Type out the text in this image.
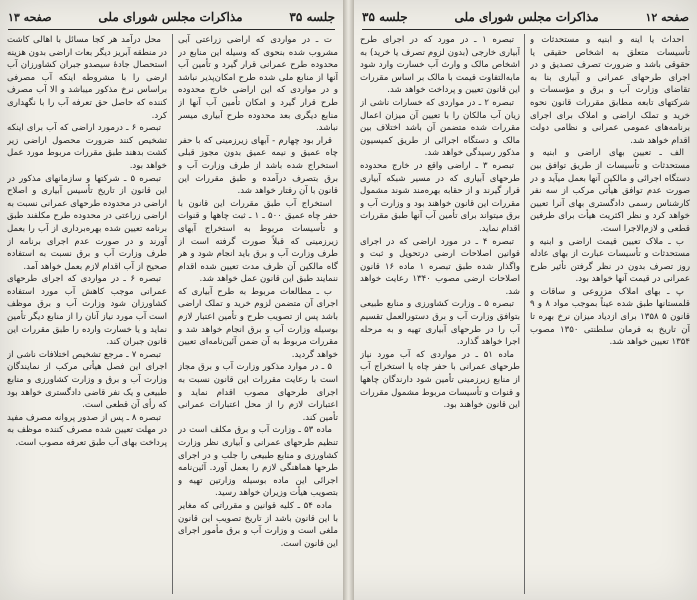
جلسه ۳۵
مذاکرات مجلس شورای ملی
صفحه ۱۳

ت ـ در مواردی که اراضی زراعتی آبی مشروب شده بنحوی که وسیله این منابع در محدوده طرح عمرانی قرار گیرد و تأمین آب آنها از منابع ملی شده طرح امکان‌پذیر نباشد و در مواردی که این اراضی خارج محدوده طرح قرار گیرد و امکان تأمین آب آنها از منابع دیگری بعد محدوده طرح آبیاری میسر نباشد.

قرار بود چهارم - آبهای زیرزمینی که با حفر چاه عمیق و نیمه عمیق بدون مجوز قبلی استخراج شده باشد از طرف وزارت آب و برق بتصرف درآمده و طبق مقررات این قانون با آن رفتار خواهد شد.

استخراج آب طبق مقررات این قانون با حفر چاه عمیق ۵۰۰ ـ ۱ ـ ثبت چاهها و قنوات و تأسیسات مربوط به استخراج آبهای زیرزمینی که قبلاً صورت گرفته است از طرف وزارت آب و برق باید انجام شود و هر گاه مالکین آن ظرف مدت تعیین شده اقدام ننمایند طبق این قانون عمل خواهد شد.

ب ـ مطالعات مربوط به طرح آبیاری که اجرای آن متضمن لزوم خرید و تملک اراضی باشد پس از تصویب طرح و تأمین اعتبار لازم بوسیله وزارت آب و برق انجام خواهد شد و مقررات مربوط به آن ضمن آئین‌نامه‌ای تعیین خواهد گردید.

۵ ـ در موارد مذکور وزارت آب و برق مجاز است با رعایت مقررات این قانون نسبت به اجرای طرحهای مصوب اقدام نماید و اعتبارات لازم را از محل اعتبارات عمرانی تأمین کند.

ماده ۵۳ ـ وزارت آب و برق مکلف است در تنظیم طرحهای عمرانی و آبیاری نظر وزارت کشاورزی و منابع طبیعی را جلب و در اجرای طرحها هماهنگی لازم را بعمل آورد. آئین‌نامه اجرائی این ماده بوسیله وزارتین تهیه و بتصویب هیأت وزیران خواهد رسید.

ماده ۵۴ ـ کلیه قوانین و مقرراتی که مغایر با این قانون باشد از تاریخ تصویب این قانون ملغی است و وزارت آب و برق مأمور اجرای این قانون است.

محل درآمد هر کجا مسائل با اهالی کاشت در منطقه آبریز دیگر بعات اراضی بدون هزینه استحصال جادهٔ سیصدو جبران کشاورزان آب ارضی را با مشروطه اینکه آب مصرفی براساس نرخ مذکور میباشد و الا آب مصرف کننده که حاصل حق تعرفه آب را با نگهداری کرد.

تبصره ۶ ـ درمورد اراضی که آب برای اینکه تشخیص کنند ضرورت محصول اراضی زیر کشت بدهند طبق مقررات مربوط مورد عمل خواهد بود.

تبصره ۵ ـ شرکتها و سازمانهای مذکور در این قانون از تاریخ تأسیس آبیاری و اصلاح اراضی در محدوده طرحهای عمرانی نسبت به اراضی زراعتی در محدوده طرح مکلفند طبق برنامه تعیین شده بهره‌برداری از آب را بعمل آورند و در صورت عدم اجرای برنامه از طرف وزارت آب و برق نسبت به استفاده صحیح از آب اقدام لازم بعمل خواهد آمد.

تبصره ۶ ـ در مواردی که اجرای طرحهای عمرانی موجب کاهش آب مورد استفاده کشاورزان شود وزارت آب و برق موظف است آب مورد نیاز آنان را از منابع دیگر تأمین نماید و یا خسارت وارده را طبق مقررات این قانون جبران کند.

تبصره ۷ ـ مرجع تشخیص اختلافات ناشی از اجرای این فصل هیأتی مرکب از نمایندگان وزارت آب و برق و وزارت کشاورزی و منابع طبیعی و یک نفر قاضی دادگستری خواهد بود که رأی آن قطعی است.

تبصره ۸ ـ پس از صدور پروانه مصرف مفید در مهلت تعیین شده مصرف کننده موظف به پرداخت بهای آب طبق تعرفه مصوب است.

صفحه ۱۲
مذاکرات مجلس شورای ملی
جلسه ۳۵

احداث یا اینه و ابنیه و مستحدثات و تأسیسات متعلق به اشخاص حقیقی یا حقوقی باشد و ضرورت تصرف تصدیق و در اجرای طرحهای عمرانی و آبیاری بنا به تقاضای وزارت آب و برق و مؤسسات و شرکتهای تابعه مطابق مقررات قانون نحوه خرید و تملک اراضی و املاک برای اجرای برنامه‌های عمومی عمرانی و نظامی دولت اقدام خواهد شد.

الف ـ تعیین بهای اراضی و ابنیه و مستحدثات و تأسیسات از طریق توافق بین دستگاه اجرائی و مالکین آنها بعمل میآید و در صورت عدم توافق هیأتی مرکب از سه نفر کارشناس رسمی دادگستری بهای آنرا تعیین خواهد کرد و نظر اکثریت هیأت برای طرفین قطعی و لازم‌الاجرا است.

ب ـ ملاک تعیین قیمت اراضی و ابنیه و مستحدثات و تأسیسات عبارت از بهای عادله روز تصرف بدون در نظر گرفتن تأثیر طرح عمرانی در قیمت آنها خواهد بود.

پ ـ بهای املاک مزروعی و ساقات و قلمستانها طبق شده عیناً بموجب مواد ۸ و ۹ قانون ۵ ۱۳۵۸ برای ازدیاد میزان نرخ بهره تا آن تاریخ به فرمان سلطنتی ۱۳۵۰ مصوب ۱۳۵۴ تعیین خواهد شد.

تبصره ۱ ـ در مورد که در اجرای طرح آبیاری خارجی (بدون لزوم تصرف یا خرید) به اشخاص مالک و وارث آب خسارت وارد شود مابه‌التفاوت قیمت با مالک بر اساس مقررات این قانون تعیین و پرداخت خواهد شد.

تبصره ۲ ـ در مواردی که خسارات ناشی از زیان آب مالکان را با تعیین آن میزان اعمال مقررات شده متضمن آن باشد اختلاف بین مالک و دستگاه اجرائی از طریق کمیسیون مذکور رسیدگی خواهد شد.

تبصره ۳ ـ اراضی واقع در خارج محدوده طرحهای آبیاری که در مسیر شبکه آبیاری قرار گیرند و از حقابه بهره‌مند شوند مشمول مقررات این قانون خواهند بود و وزارت آب و برق میتواند برای تأمین آب آنها طبق مقررات اقدام نماید.

تبصره ۴ ـ در مورد اراضی که در اجرای قوانین اصلاحات ارضی درتحویل و ثبت و واگذار شده طبق تبصره ۱ ماده ۱۶ قانون اصلاحات ارضی مصوب ۱۳۴۰ رعایت خواهد شد.

تبصره ۵ ـ وزارت کشاورزی و منابع طبیعی بتوافق وزارت آب و برق دستورالعمل تقسیم آب را در طرحهای آبیاری تهیه و به مرحله اجرا خواهد گذارد.

ماده ۵۱ ـ در مواردی که آب مورد نیاز طرحهای عمرانی با حفر چاه یا استخراج آب از منابع زیرزمینی تأمین شود دارندگان چاهها و قنوات و تأسیسات مربوط مشمول مقررات این قانون خواهند بود.
